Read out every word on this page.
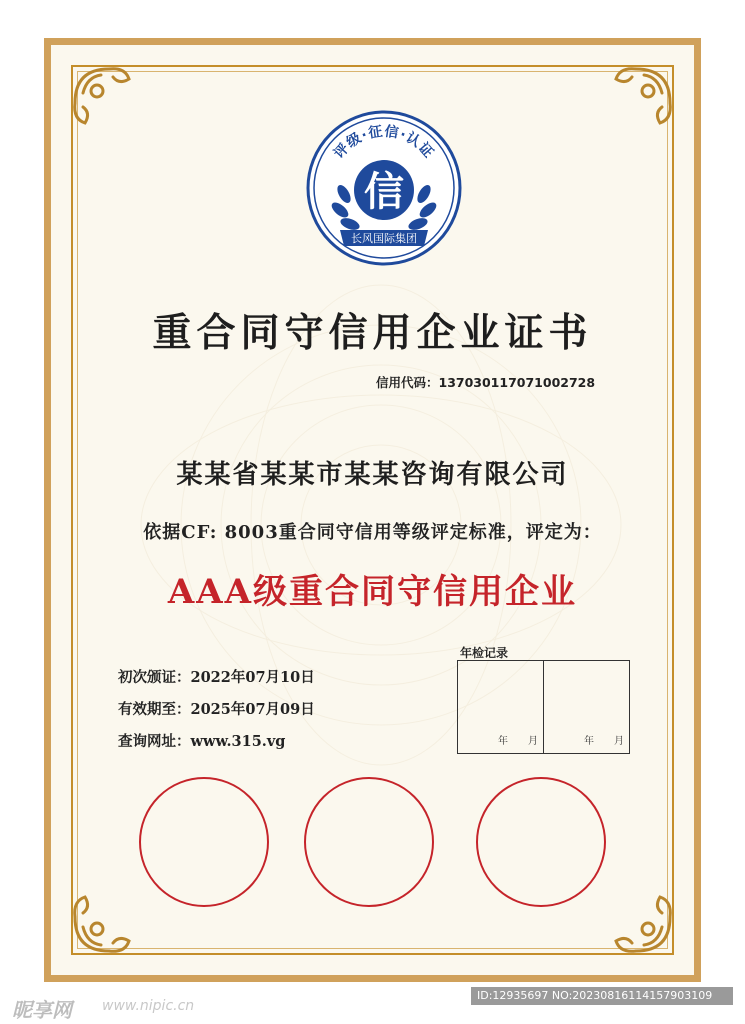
评级·征信·认证
信
长风国际集团
重合同守信用企业证书
信用代码：137030117071002728
某某省某某市某某咨询有限公司
依据CF: 8003重合同守信用等级评定标准，评定为：
AAA级重合同守信用企业
初次颁证：2022年07月10日
有效期至：2025年07月09日
查询网址：www.315.vg
年检记录
年 月	年 月
昵享网 www.nipic.cn
ID:12935697 NO:20230816114157903109
